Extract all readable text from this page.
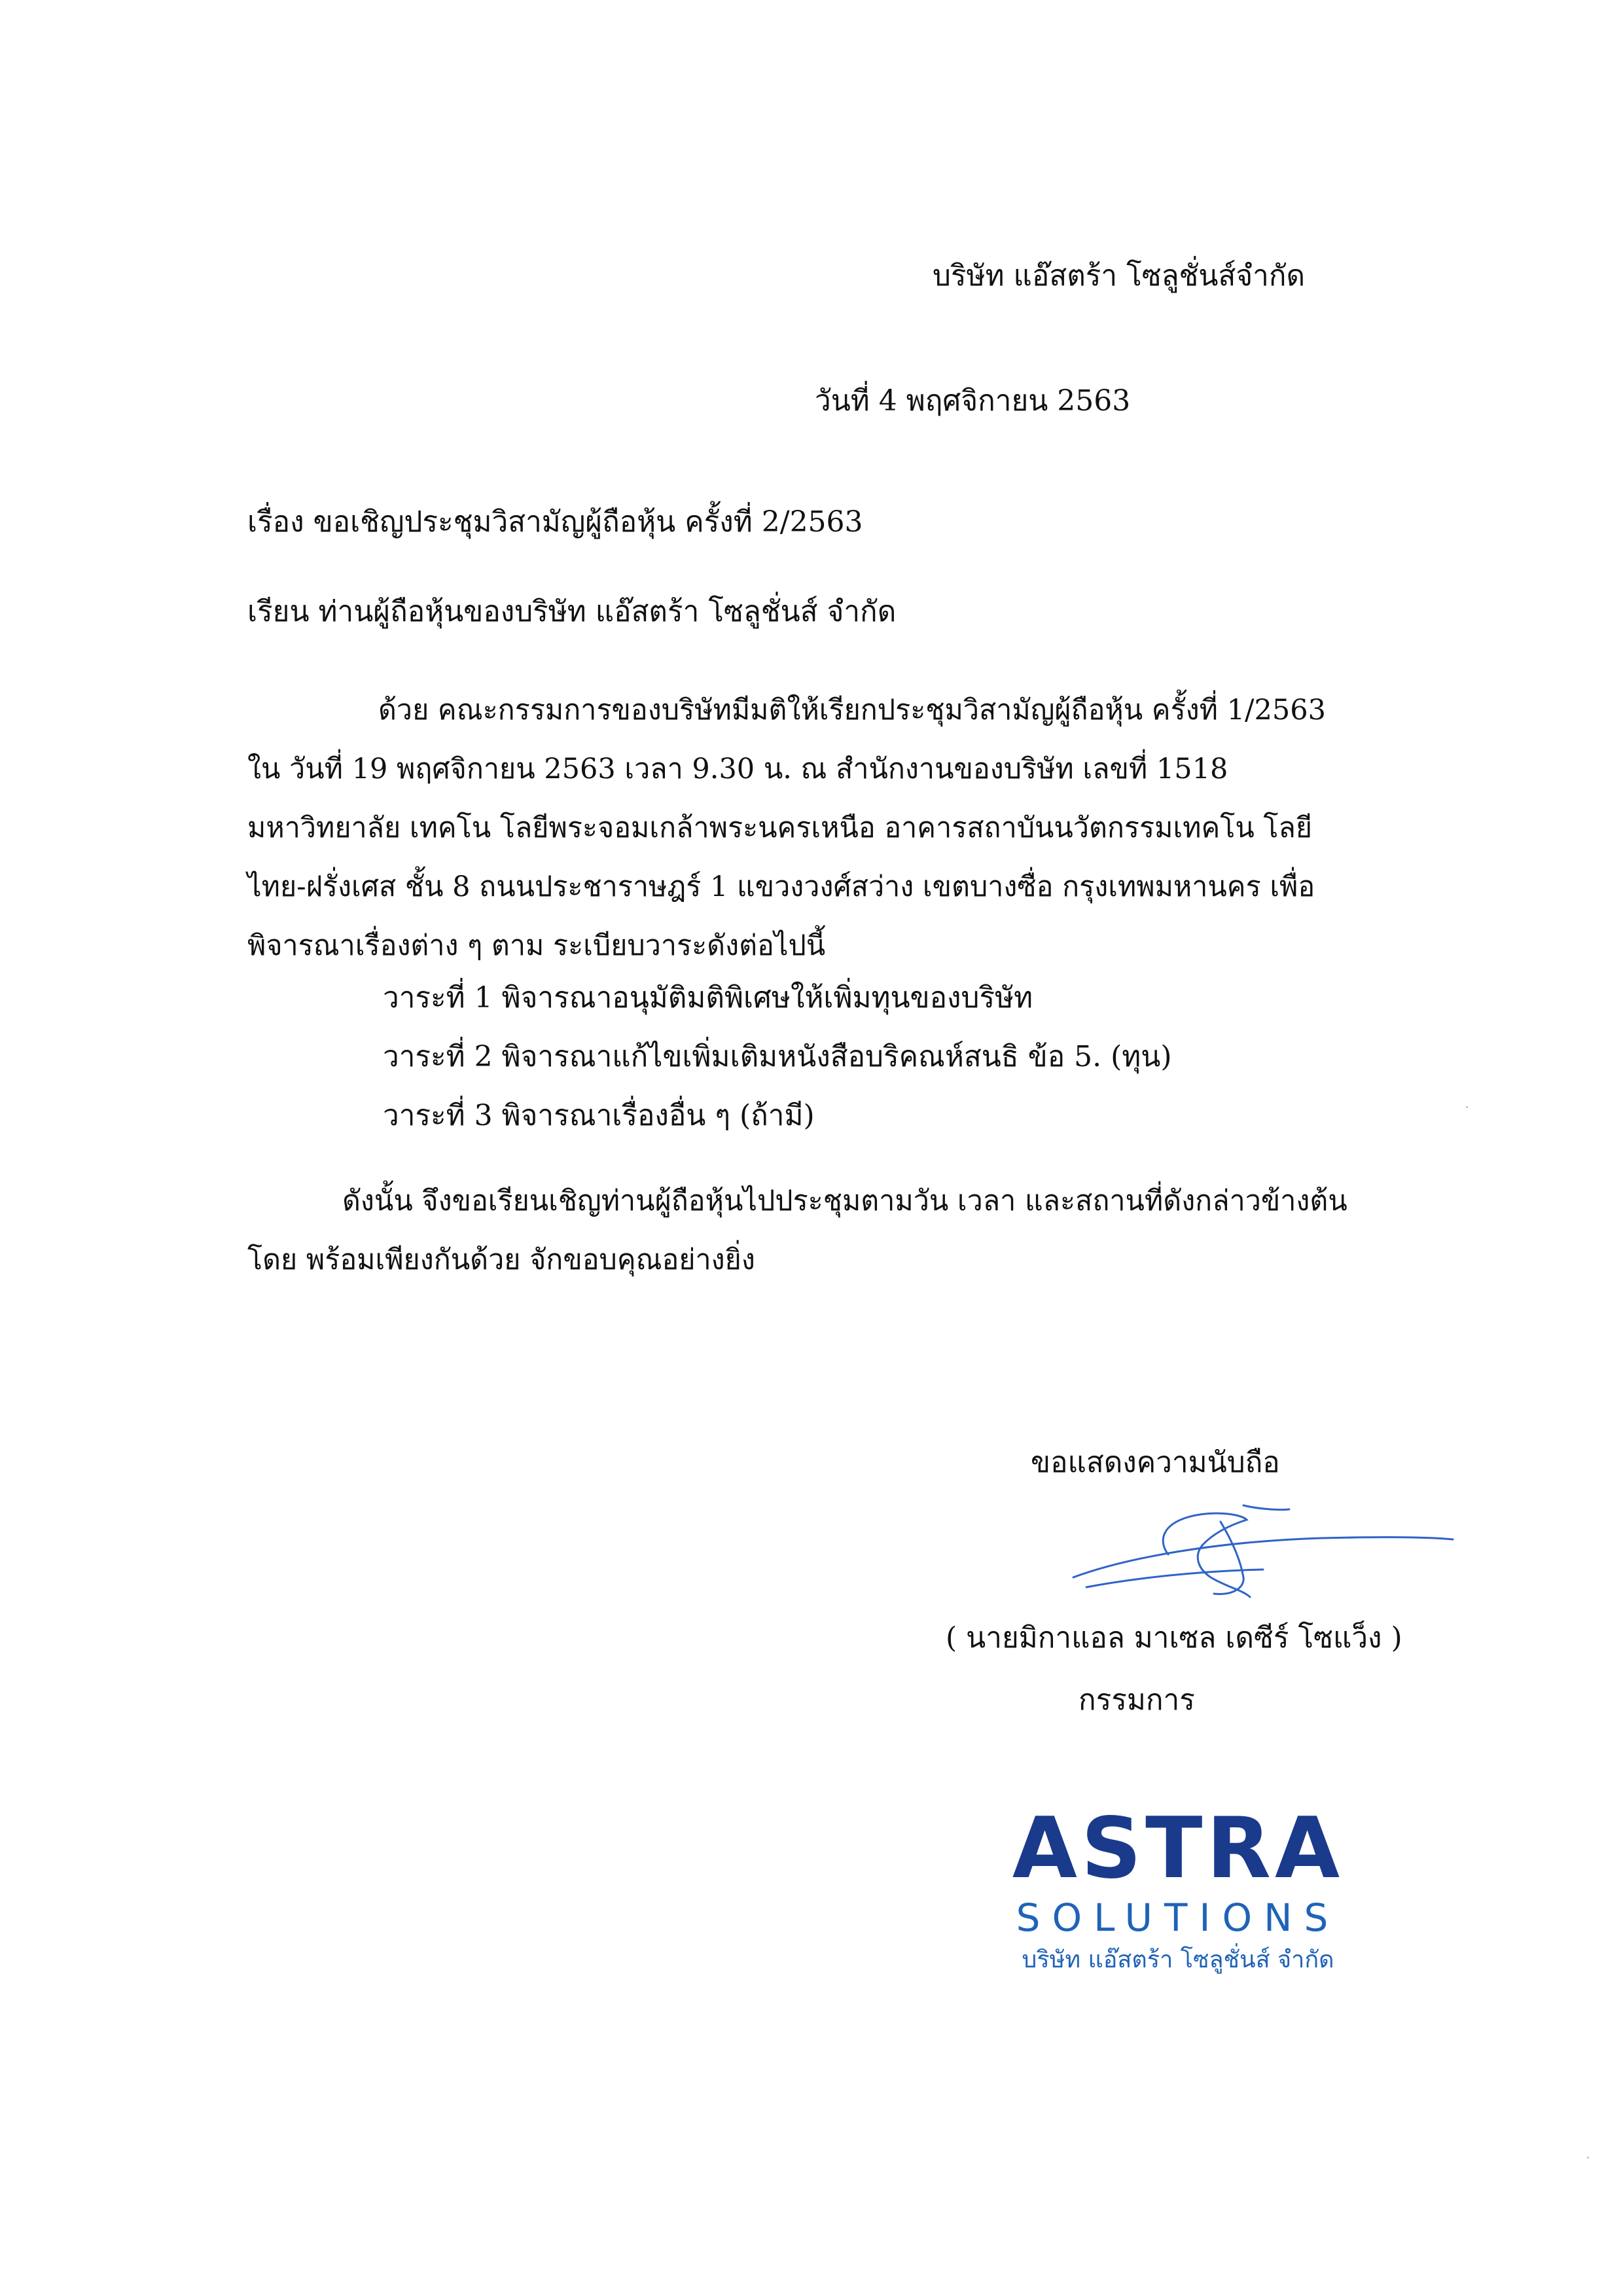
บริษัท แอ๊สตร้า โซลูชั่นส์จำกัด
วันที่ 4 พฤศจิกายน 2563
เรื่อง ขอเชิญประชุมวิสามัญผู้ถือหุ้น ครั้งที่ 2/2563
เรียน ท่านผู้ถือหุ้นของบริษัท แอ๊สตร้า โซลูชั่นส์ จำกัด
ด้วย คณะกรรมการของบริษัทมีมติให้เรียกประชุมวิสามัญผู้ถือหุ้น ครั้งที่ 1/2563 ใน วันที่ 19 พฤศจิกายน 2563 เวลา 9.30 น. ณ สำนักงานของบริษัท เลขที่ 1518 มหาวิทยาลัย เทคโน โลยีพระจอมเกล้าพระนครเหนือ อาคารสถาบันนวัตกรรมเทคโน โลยี ไทย-ฝรั่งเศส ชั้น 8 ถนนประชาราษฎร์ 1 แขวงวงศ์สว่าง เขตบางซื่อ กรุงเทพมหานคร เพื่อพิจารณาเรื่องต่าง ๆ ตาม ระเบียบวาระดังต่อไปนี้
วาระที่ 1 พิจารณาอนุมัติมติพิเศษให้เพิ่มทุนของบริษัท
วาระที่ 2 พิจารณาแก้ไขเพิ่มเติมหนังสือบริคณห์สนธิ ข้อ 5. (ทุน)
วาระที่ 3 พิจารณาเรื่องอื่น ๆ (ถ้ามี)
ดังนั้น จึงขอเรียนเชิญท่านผู้ถือหุ้นไปประชุมตามวัน เวลา และสถานที่ดังกล่าวข้างต้นโดย พร้อมเพียงกันด้วย จักขอบคุณอย่างยิ่ง
ขอแสดงความนับถือ
( นายมิกาแอล มาเซล เดซีร์ โซแว็ง )
กรรมการ
ASTRA
SOLUTIONS
บริษัท แอ๊สตร้า โซลูชั่นส์ จำกัด
